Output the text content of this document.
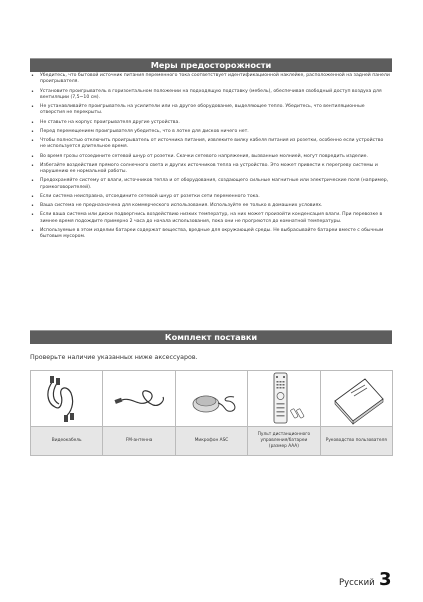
Меры предосторожности
• Убедитесь, что бытовой источник питания переменного тока соответствует идентификационной наклейке, расположенной на задней панели проигрывателя.
• Установите проигрыватель в горизонтальном положении на подходящую подставку (мебель), обеспечивая свободный доступ воздуха для вентиляции (7,5~10 см).
• Не устанавливайте проигрыватель на усилители или на другое оборудование, выделяющее тепло. Убедитесь, что вентиляционные отверстия не перекрыты.
• Не ставьте на корпус проигрывателя другие устройства.
• Перед перемещением проигрывателя убедитесь, что в лотке для дисков ничего нет.
• Чтобы полностью отключить проигрыватель от источника питания, извлеките вилку кабеля питания из розетки, особенно если устройство не используется длительное время.
• Во время грозы отсоедините сетевой шнур от розетки. Скачки сетевого напряжения, вызванные молнией, могут повредить изделие.
• Избегайте воздействия прямого солнечного света и других источников тепла на устройство. Это может привести к перегреву системы и нарушению ее нормальной работы.
• Предохраняйте систему от влаги, источников тепла и от оборудования, создающего сильные магнитные или электрические поля (например, громкоговорителей).
• Если система неисправна, отсоедините сетевой шнур от розетки сети переменного тока.
• Ваша система не предназначена для коммерческого использования. Используйте ее только в домашних условиях.
• Если ваша система или диски подвергнись воздействию низких температур, на них может произойти конденсация влаги. При перевозке в зимнее время подождите примерно 2 часа до начала использования, пока они не прогреются до комнатной температуры.
• Используемые в этом изделии батареи содержат вещества, вредные для окружающей среды. Не выбрасывайте батареи вместе с обычным бытовым мусором.
Комплект поставки
Проверьте наличие указанных ниже аксессуаров.
Видеокабель	FM-антенна	Микрофон ASC
Пульт дистанционного управления/батареи (размер AAA)
Руководство пользователя
Русский 3
